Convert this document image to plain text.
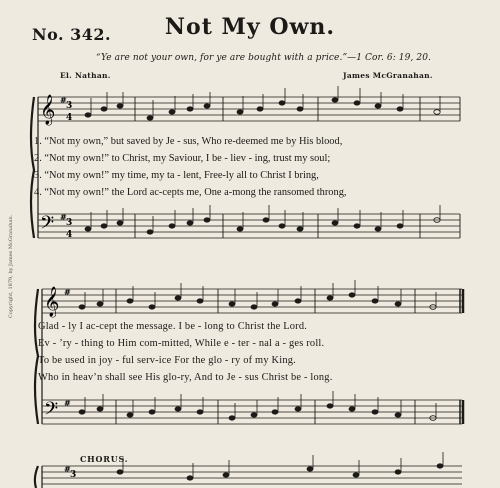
No. 342.	Not My Own.
“Ye are not your own, for ye are bought with a price.”—1 Cor. 6: 19, 20.
El. Nathan.	James McGranahan.
𝄞
𝄢
#
3
4
#
3
4
𝄞
𝄢
#
#
#
3
1. “Not my own,” but saved by Je - sus, Who re-deemed me by His blood,
2. “Not my own!” to Christ, my Saviour, I be - liev - ing, trust my soul;
3. “Not my own!” my time, my ta - lent, Free-ly all to Christ I bring,
4. “Not my own!” the Lord ac-cepts me, One a-mong the ransomed throng,
Glad - ly I ac-cept the message. I be - long to Christ the Lord.
Ev - ’ry - thing to Him com-mitted, While e - ter - nal a - ges roll.
To be used in joy - ful serv-ice For the glo - ry of my King.
Who in heav’n shall see His glo-ry, And to Je - sus Christ be - long.
CHORUS.
Copyright, 1879, by James McGranahan.
